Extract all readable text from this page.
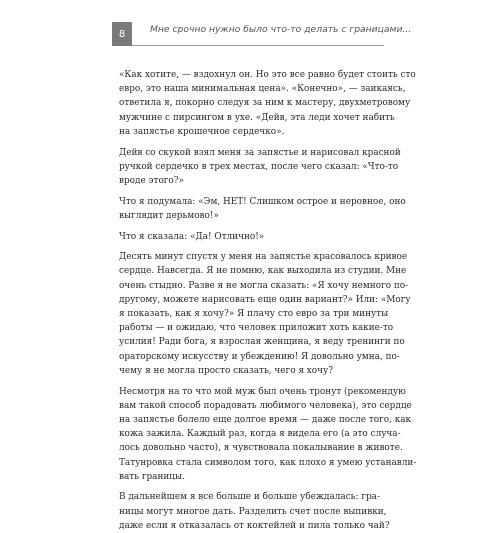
8	Мне срочно нужно было что-то делать с границами...

«Как хотите, — вздохнул он. Но это все равно будет стоить сто
евро, это наша минимальная цена». «Конечно», — заикаясь,
ответила я, покорно следуя за ним к мастеру, двухметровому
мужчине с пирсингом в ухе. «Дейв, эта леди хочет набить
на запястье крошечное сердечко».

Дейв со скукой взял меня за запястье и нарисовал красной
ручкой сердечко в трех местах, после чего сказал: «Что-то
вроде этого?»

Что я подумала: «Эм, НЕТ! Слишком острое и неровное, оно
выглядит дерьмово!»

Что я сказала: «Да! Отлично!»

Десять минут спустя у меня на запястье красовалось кривое
сердце. Навсегда. Я не помню, как выходила из студии. Мне
очень стыдно. Разве я не могла сказать: «Я хочу немного по-
другому, можете нарисовать еще один вариант?» Или: «Могу
я показать, как я хочу?» Я плачу сто евро за три минуты
работы — и ожидаю, что человек приложит хоть какие-то
усилия! Ради бога, я взрослая женщина, я веду тренинги по
ораторскому искусству и убеждению! Я довольно умна, по-
чему я не могла просто сказать, чего я хочу?

Несмотря на то что мой муж был очень тронут (рекомендую
вам такой способ порадовать любимого человека), это сердце
на запястье болело еще долгое время — даже после того, как
кожа зажила. Каждый раз, когда я видела его (а это случа-
лось довольно часто), я чувствовала покалывание в животе.
Татунровка стала символом того, как плохо я умею устанавли-
вать границы.

В дальнейшем я все больше и больше убеждалась: гра-
ницы могут многое дать. Разделить счет после выпивки,
даже если я отказалась от коктейлей и пила только чай?
